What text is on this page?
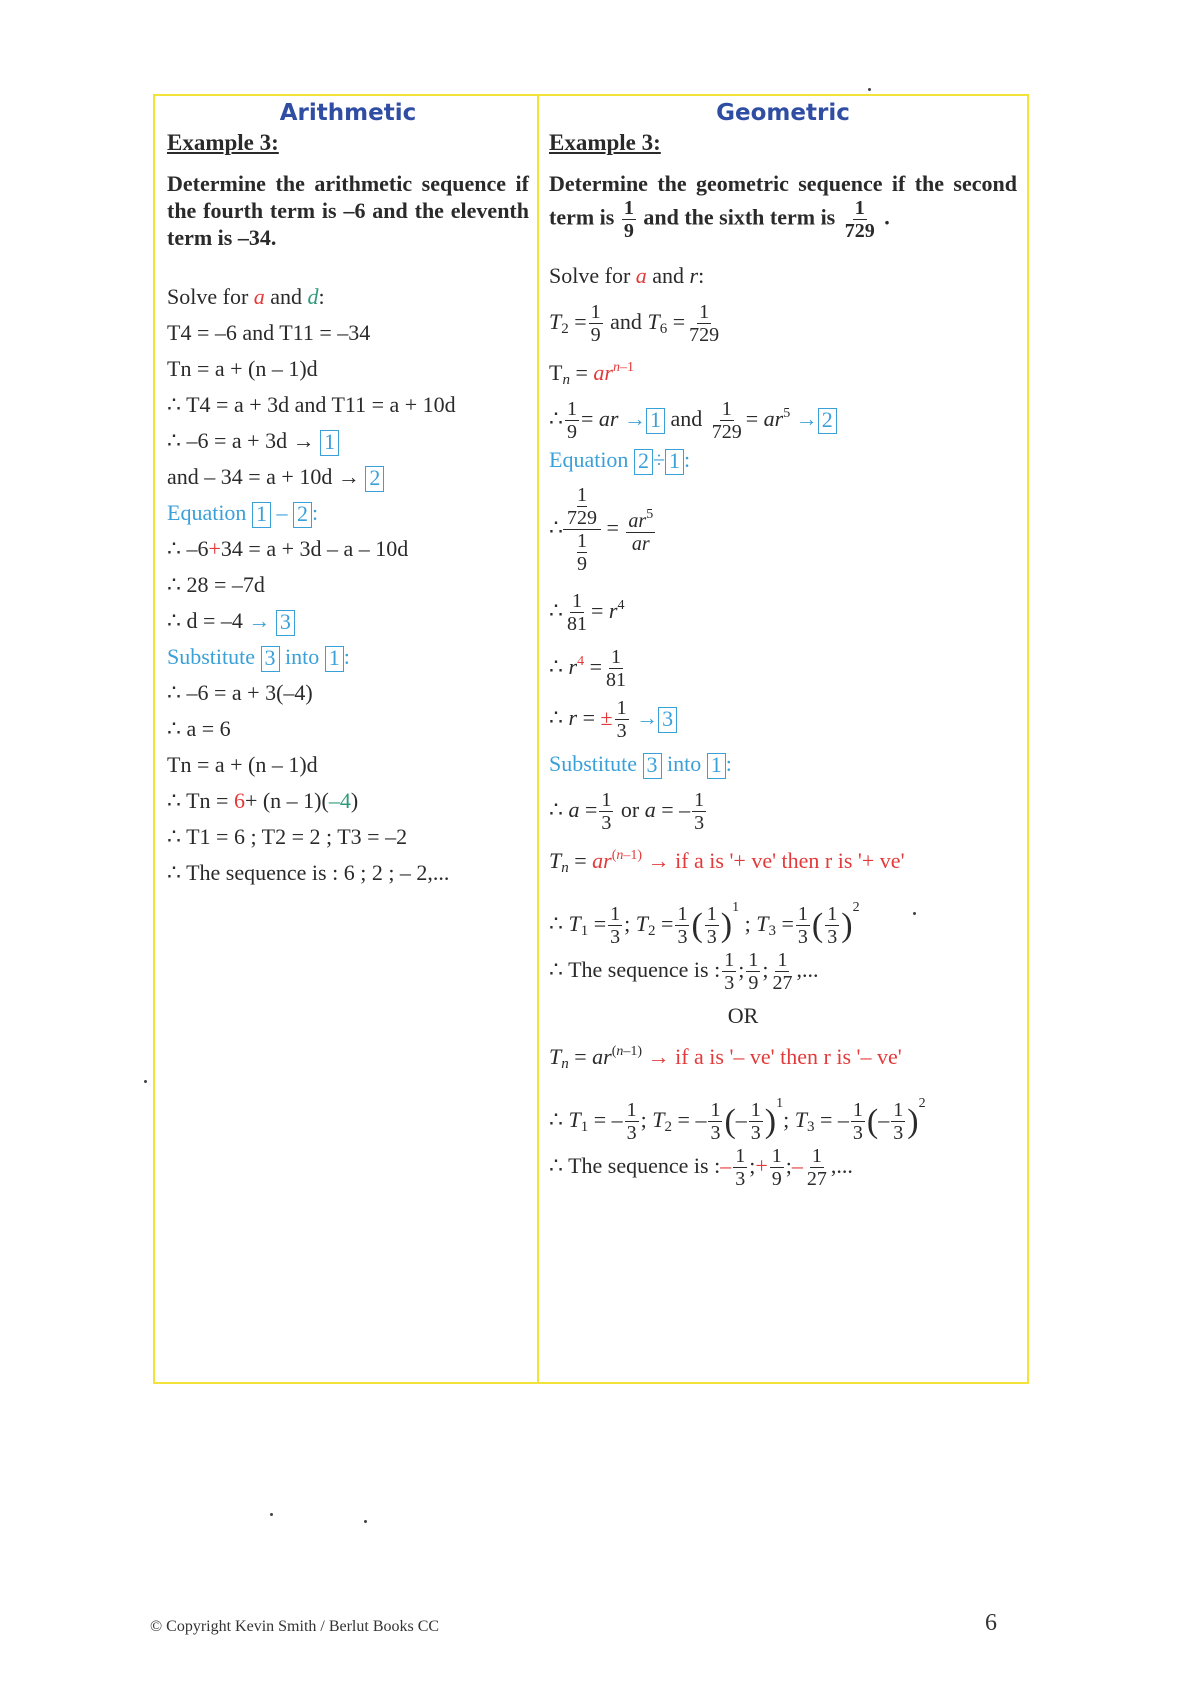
Arithmetic
Example 3:
Determine the arithmetic sequence if the fourth term is –6 and the eleventh term is –34.
Solve for a and d:
T4 = –6 and T11 = –34
Tn = a + (n – 1)d
∴ T4 = a + 3d and T11 = a + 10d
∴ –6 = a + 3d → 1
and – 34 = a + 10d → 2
Equation 1 – 2 :
∴ –6+34 = a + 3d – a – 10d
∴ 28 = –7d
∴ d = –4 → 3
Substitute 3 into 1 :
∴ –6 = a + 3(–4)
∴ a = 6
Tn = a + (n – 1)d
∴ Tn = 6+ (n – 1)(–4)
∴ T1 = 6 ; T2 = 2 ; T3 = –2
∴ The sequence is : 6 ; 2 ; – 2,...
Geometric
Example 3:
Determine the geometric sequence if the second term is $\frac{1}{9}$ and the sixth term is $\frac{1}{729}$ .
Solve for a and r:
$T_2 = \frac{1}{9}$ and $T_6 = \frac{1}{729}$
$T_n = ar^{n-1}$
∴ $\frac{1}{9}$ = ar → 1 and $\frac{1}{729} = ar^5 \to 2$
Equation 2 ÷ 1 :
∴ 1
729
1
$9 = \frac{ar^5}{ar}$
∴ $\frac{1}{81} = r^4$
∴ $r^4 = \frac{1}{81}$
∴ r = ± $\frac{1}{3} \to 3$
Substitute 3 into 1 :
∴ $a = \frac{1}{3}$ or a = – $\frac{1}{3}$
$T_n = ar^{(n-1)}$ → if a is '+ ve' then r is '+ ve'
∴ $T_1 = \frac{1}{3}$ ; $T_2 = \frac{1}{3}$ ( $\frac{1}{3} )^1$ ; $T_3 = \frac{1}{3}$ ( $\frac{1}{3} )^2$
∴ The sequence is : $\frac{1}{3}$ ; $\frac{1}{9}$ ; $\frac{1}{27}$ ,...
OR
$T_n = ar^{(n-1)}$ → if a is '– ve' then r is '– ve'
∴ $T_1$ = – $\frac{1}{3}$ ; $T_2$ = – $\frac{1}{3}$ (– $\frac{1}{3} )^1$; $T_3$ = – $\frac{1}{3}$ (– $\frac{1}{3} )^2$
∴ The sequence is :– $\frac{1}{3}$ ;+ $\frac{1}{9}$ ;– $\frac{1}{27}$ ,...
© Copyright Kevin Smith / Berlut Books CC	6
